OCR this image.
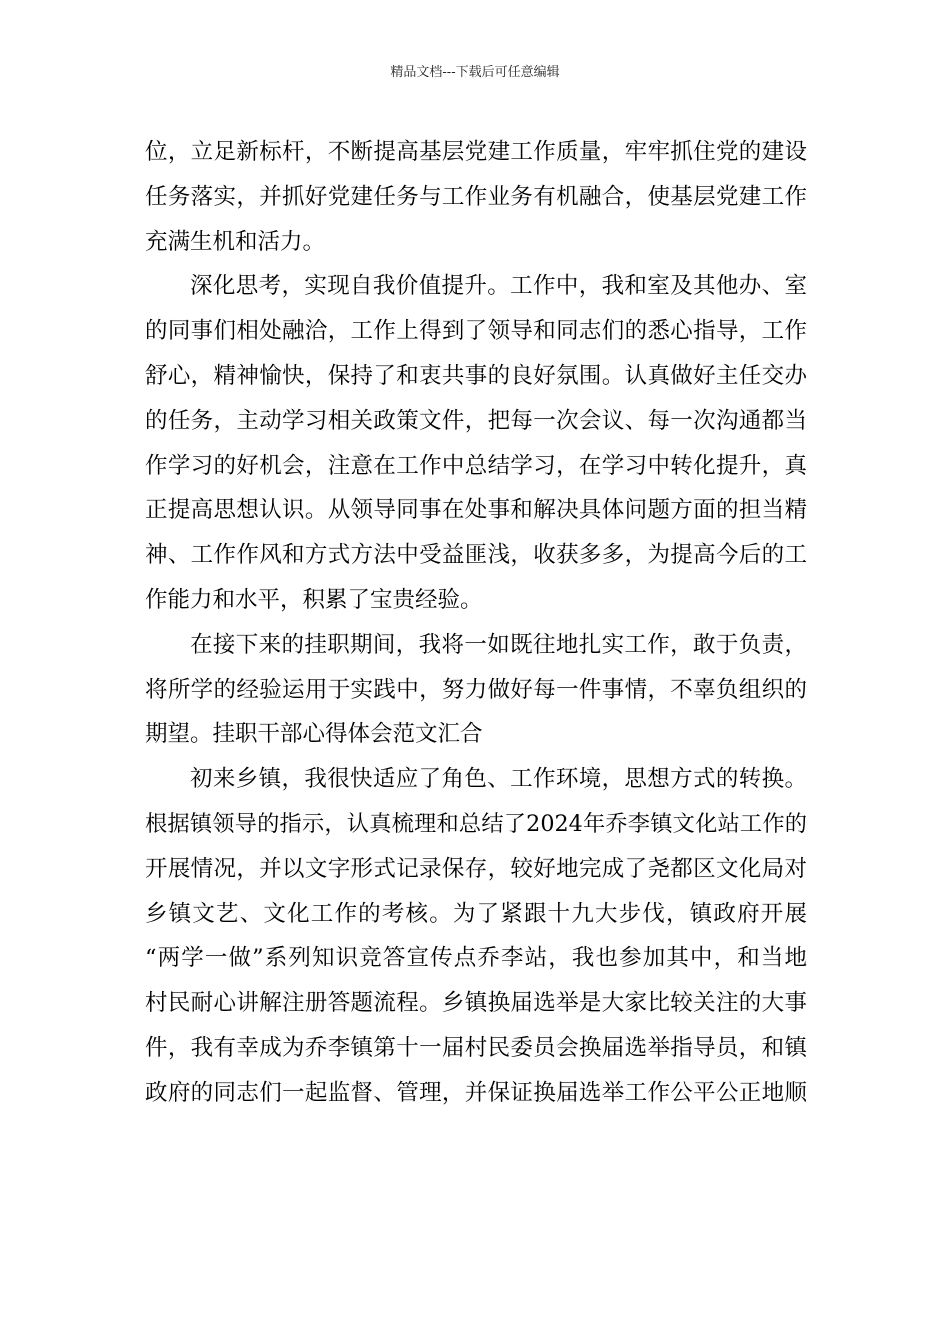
精品文档---下载后可任意编辑
位，立足新标杆，不断提高基层党建工作质量，牢牢抓住党的建设
任务落实，并抓好党建任务与工作业务有机融合，使基层党建工作
充满生机和活力。
深化思考，实现自我价值提升。工作中，我和室及其他办、室
的同事们相处融洽，工作上得到了领导和同志们的悉心指导，工作
舒心，精神愉快，保持了和衷共事的良好氛围。认真做好主任交办
的任务，主动学习相关政策文件，把每一次会议、每一次沟通都当
作学习的好机会，注意在工作中总结学习，在学习中转化提升，真
正提高思想认识。从领导同事在处事和解决具体问题方面的担当精
神、工作作风和方式方法中受益匪浅，收获多多，为提高今后的工
作能力和水平，积累了宝贵经验。
在接下来的挂职期间，我将一如既往地扎实工作，敢于负责，
将所学的经验运用于实践中，努力做好每一件事情，不辜负组织的
期望。挂职干部心得体会范文汇合
初来乡镇，我很快适应了角色、工作环境，思想方式的转换。
根据镇领导的指示，认真梳理和总结了2024年乔李镇文化站工作的
开展情况，并以文字形式记录保存，较好地完成了尧都区文化局对
乡镇文艺、文化工作的考核。为了紧跟十九大步伐，镇政府开展
“两学一做”系列知识竞答宣传点乔李站，我也参加其中，和当地
村民耐心讲解注册答题流程。乡镇换届选举是大家比较关注的大事
件，我有幸成为乔李镇第十一届村民委员会换届选举指导员，和镇
政府的同志们一起监督、管理，并保证换届选举工作公平公正地顺
